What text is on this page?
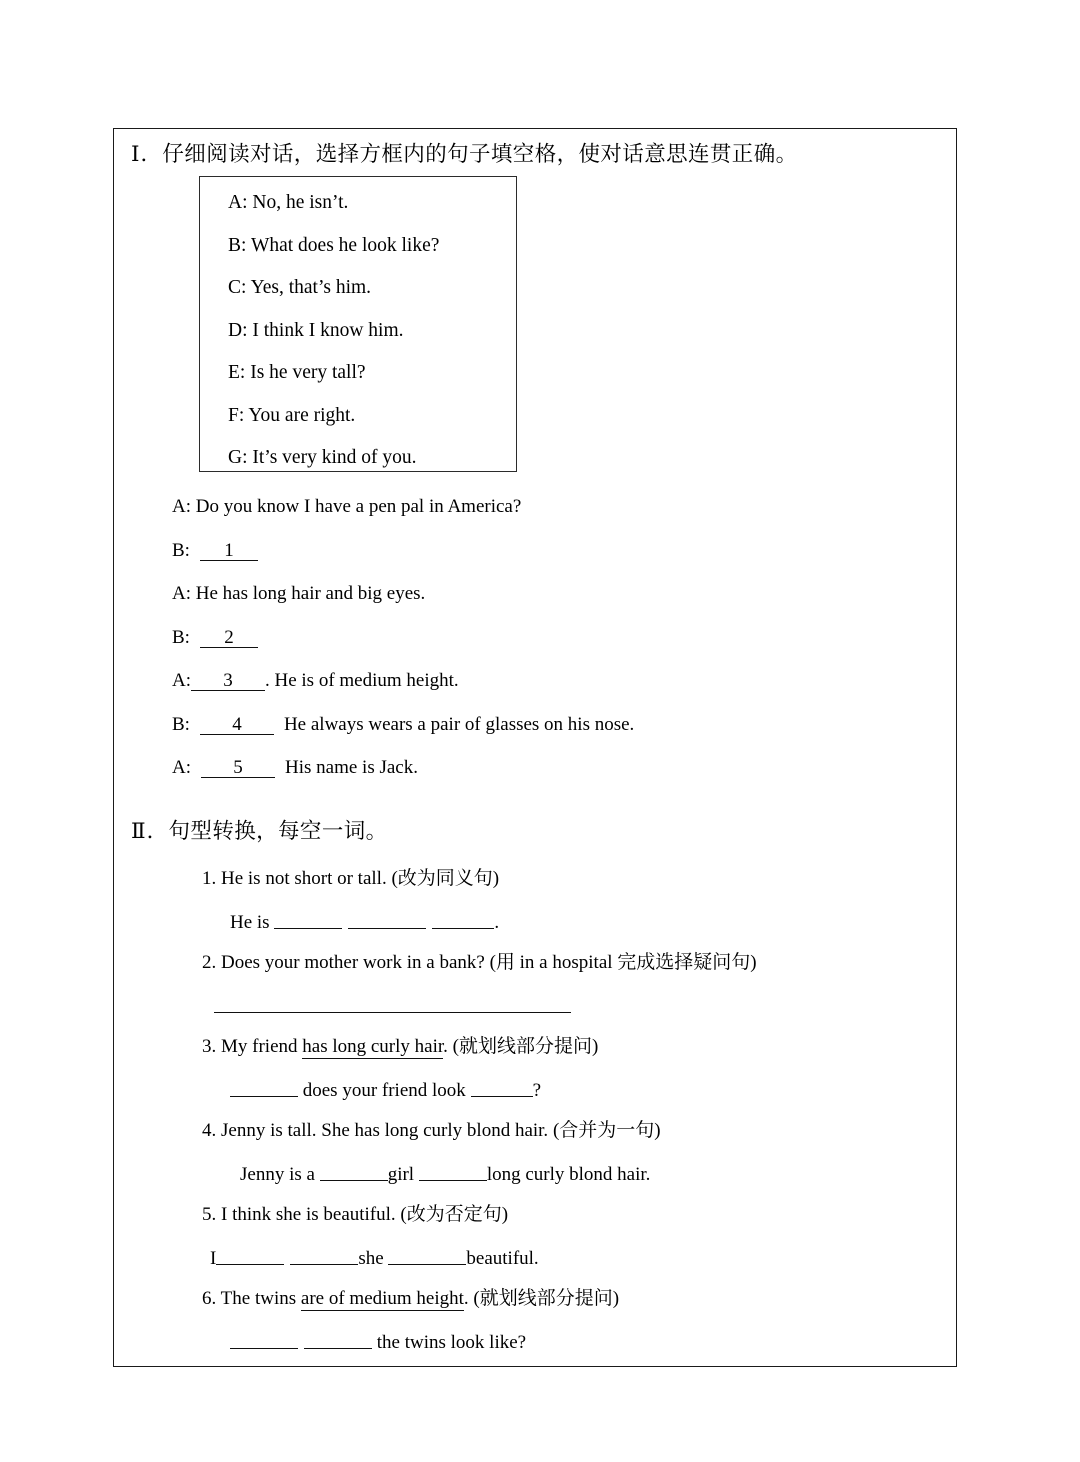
Ⅰ．仔细阅读对话，选择方框内的句子填空格，使对话意思连贯正确。
A: No, he isn’t.
B: What does he look like?
C: Yes, that’s him.
D: I think I know him.
E: Is he very tall?
F: You are right.
G: It’s very kind of you.
A: Do you know I have a pen pal in America?
B: 1
A: He has long hair and big eyes.
B: 2
A: 3 . He is of medium height.
B: 4 He always wears a pair of glasses on his nose.
A: 5 His name is Jack.
Ⅱ．句型转换，每空一词。
1. He is not short or tall. (改为同义句)
He is	.
2. Does your mother work in a bank? (用 in a hospital 完成选择疑问句)
3. My friend has long curly hair. (就划线部分提问)
does your friend look	?
4. Jenny is tall. She has long curly blond hair. (合并为一句)
Jenny is a	girl	long curly blond hair.
5. I think she is beautiful. (改为否定句)
I	she	beautiful.
6. The twins are of medium height. (就划线部分提问)
the twins look like?
